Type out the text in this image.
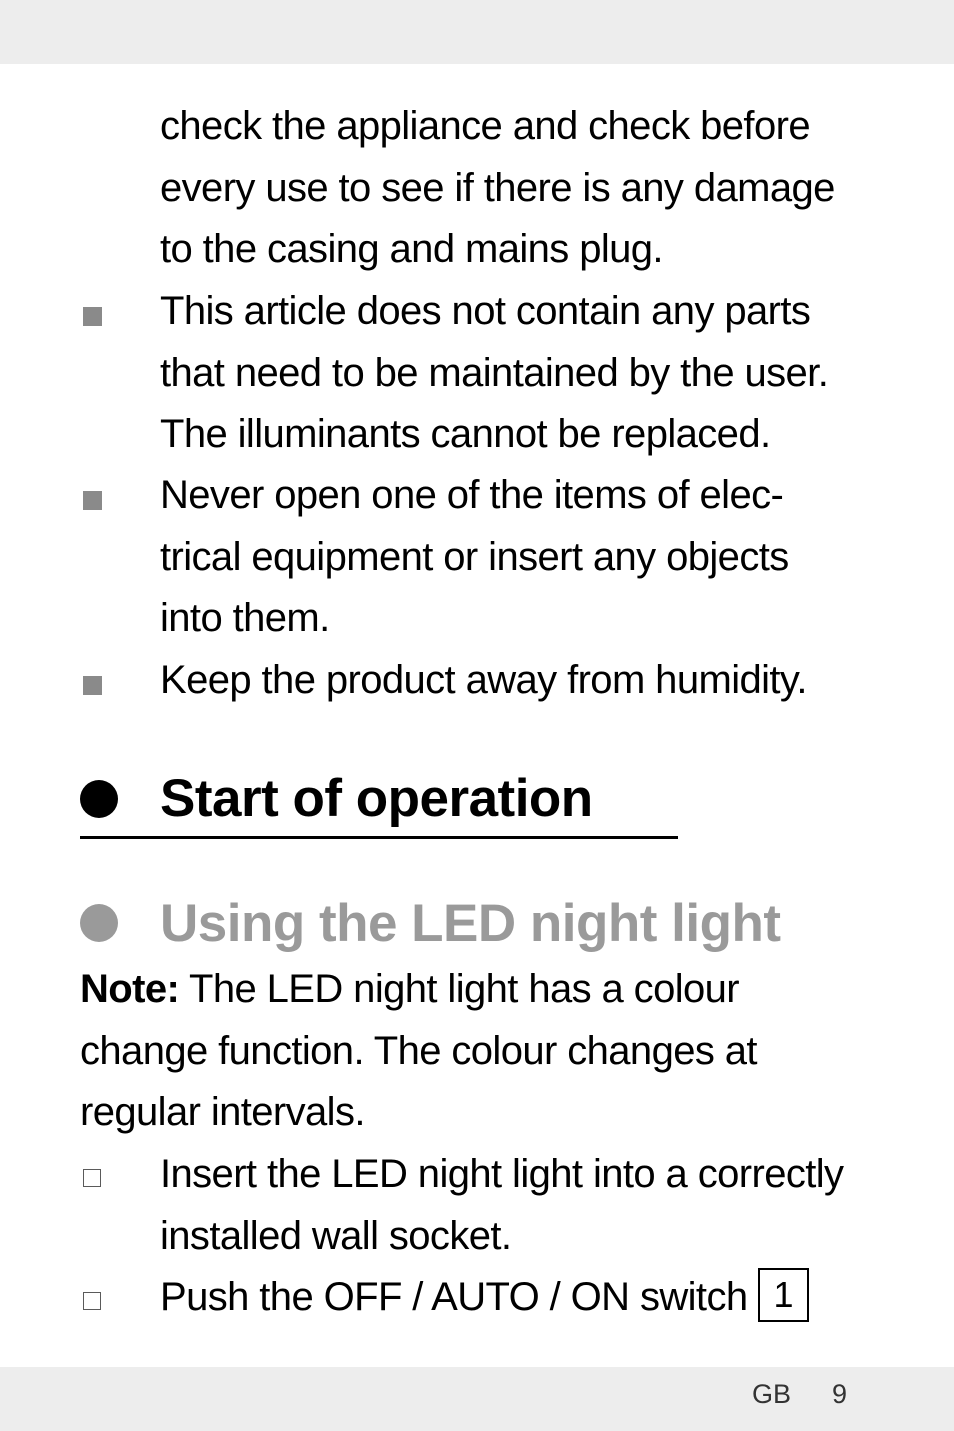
check the appliance and check before
every use to see if there is any damage
to the casing and mains plug.
This article does not contain any parts
that need to be maintained by the user.
The illuminants cannot be replaced.
Never open one of the items of elec-
trical equipment or insert any objects
into them.
Keep the product away from humidity.
Start of operation
Using the LED night light
Note: The LED night light has a colour
change function. The colour changes at
regular intervals.
Insert the LED night light into a correctly
installed wall socket.
Push the OFF / AUTO / ON switch 1
GB 9
